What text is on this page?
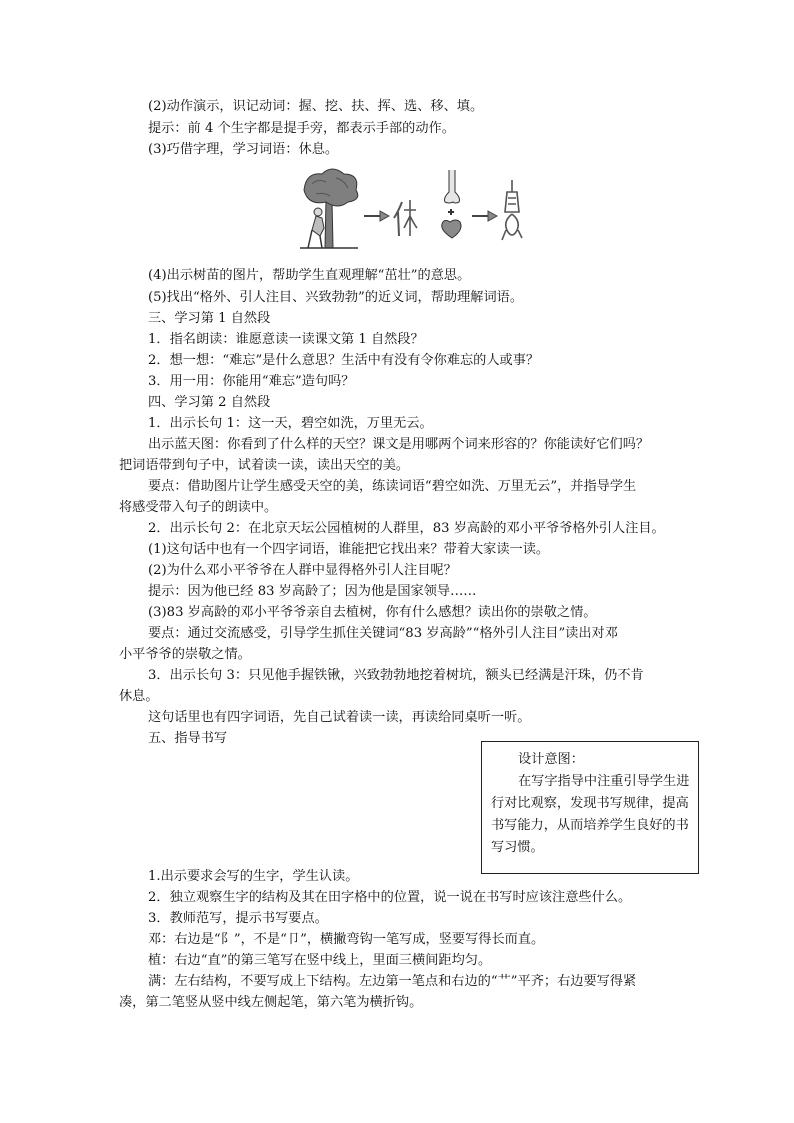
(2)动作演示，识记动词：握、挖、扶、挥、选、移、填。
提示：前 4 个生字都是提手旁，都表示手部的动作。
(3)巧借字理，学习词语：休息。
(4)出示树苗的图片，帮助学生直观理解“茁壮”的意思。
(5)找出“格外、引人注目、兴致勃勃”的近义词，帮助理解词语。
三、学习第 1 自然段
1．指名朗读：谁愿意读一读课文第 1 自然段？
2．想一想：“难忘”是什么意思？生活中有没有令你难忘的人或事？
3．用一用：你能用“难忘”造句吗？
四、学习第 2 自然段
1．出示长句 1：这一天，碧空如洗，万里无云。
出示蓝天图：你看到了什么样的天空？课文是用哪两个词来形容的？你能读好它们吗？
把词语带到句子中，试着读一读，读出天空的美。
要点：借助图片让学生感受天空的美，练读词语“碧空如洗、万里无云”，并指导学生
将感受带入句子的朗读中。
2．出示长句 2：在北京天坛公园植树的人群里，83 岁高龄的邓小平爷爷格外引人注目。
(1)这句话中也有一个四字词语，谁能把它找出来？带着大家读一读。
(2)为什么邓小平爷爷在人群中显得格外引人注目呢？
提示：因为他已经 83 岁高龄了；因为他是国家领导……
(3)83 岁高龄的邓小平爷爷亲自去植树，你有什么感想？读出你的崇敬之情。
要点：通过交流感受，引导学生抓住关键词“83 岁高龄”“格外引人注目”读出对邓
小平爷爷的崇敬之情。
3．出示长句 3：只见他手握铁锹，兴致勃勃地挖着树坑，额头已经满是汗珠，仍不肯
休息。
这句话里也有四字词语，先自己试着读一读，再读给同桌听一听。
五、指导书写
设计意图：
在写字指导中注重引导学生进行对比观察，发现书写规律，提高书写能力，从而培养学生良好的书写习惯。
1.出示要求会写的生字，学生认读。
2．独立观察生字的结构及其在田字格中的位置，说一说在书写时应该注意些什么。
3．教师范写，提示书写要点。
邓：右边是“阝”，不是“卩”，横撇弯钩一笔写成，竖要写得长而直。
植：右边“直”的第三笔写在竖中线上，里面三横间距均匀。
满：左右结构，不要写成上下结构。左边第一笔点和右边的“艹”平齐；右边要写得紧
凑，第二笔竖从竖中线左侧起笔，第六笔为横折钩。
